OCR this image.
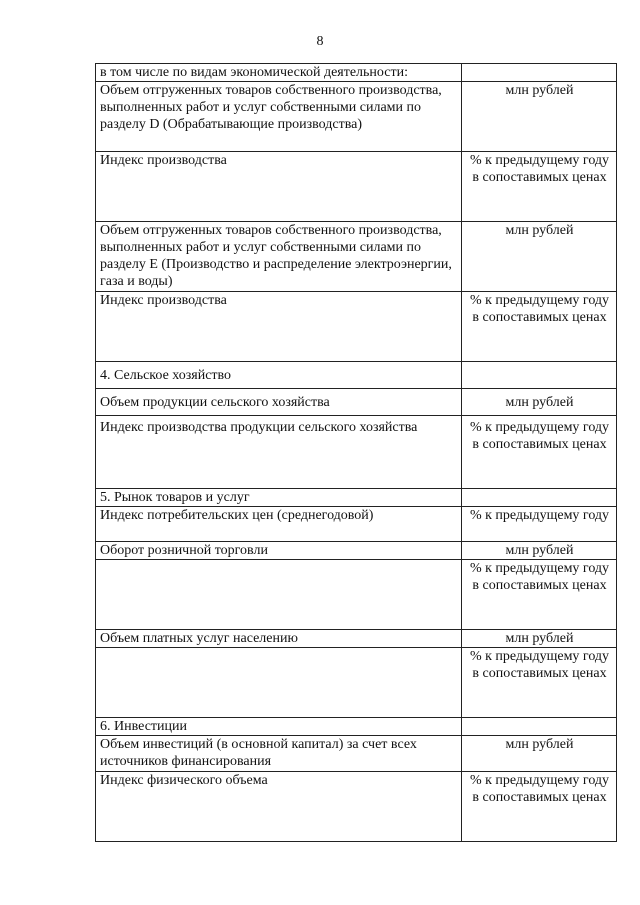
8
в том числе по видам экономической деятельности:	
Объем отгруженных товаров собственного производства, выполненных работ и услуг собственными силами по разделу D (Обрабатывающие производства)	млн рублей
Индекс производства	% к предыдущему году в сопоставимых ценах
Объем отгруженных товаров собственного производства, выполненных работ и услуг собственными силами по разделу E (Производство и распределение электроэнергии, газа и воды)	млн рублей
Индекс производства	% к предыдущему году в сопоставимых ценах
4. Сельское хозяйство	
Объем продукции сельского хозяйства	млн рублей
Индекс производства продукции сельского хозяйства	% к предыдущему году в сопоставимых ценах
5. Рынок товаров и услуг	
Индекс потребительских цен (среднегодовой)	% к предыдущему году
Оборот розничной торговли	млн рублей
	% к предыдущему году в сопоставимых ценах
Объем платных услуг населению	млн рублей
	% к предыдущему году в сопоставимых ценах
6. Инвестиции	
Объем инвестиций (в основной капитал) за счет всех источников финансирования	млн рублей
Индекс физического объема	% к предыдущему году в сопоставимых ценах
